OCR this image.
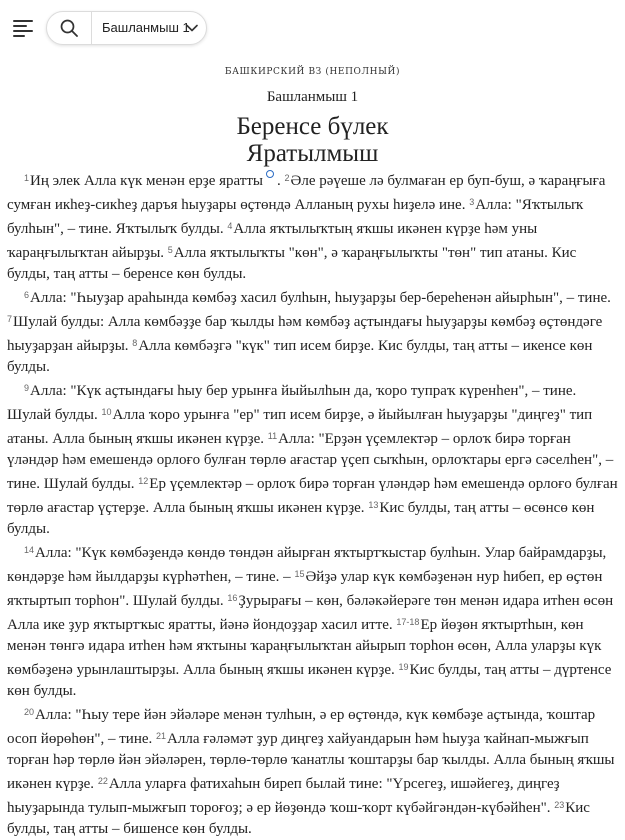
Башланмыш 1
БАШКИРСКИЙ ВЗ (НЕПОЛНЫЙ)
Башланмыш 1
Беренсе бүлек
Яратылмыш

$^1$Иң элек Алла күк менән ерҙе яратты . $^2$Әле рәүеше лә булмаған ер буп-буш, ә ҡараңғыға сумған икһеҙ-сикһеҙ даръя һыуҙары өҫтөндә Алланың рухы һиҙелә ине. $^3$Алла: "Яҡтылыҡ булһын", – тине. Яҡтылыҡ булды. $^4$Алла яҡтылыҡтың яҡшы икәнен күрҙе һәм уны ҡараңғылыҡтан айырҙы. $^5$Алла яҡтылыҡты "көн", ә ҡараңғылыҡты "төн" тип атаны. Кис булды, таң атты – беренсе көн булды.

$^6$Алла: "Һыуҙар араһында көмбәҙ хасил булһын, һыуҙарҙы бер-береһенән айырһын", – тине. $^7$Шулай булды: Алла көмбәҙҙе бар ҡылды һәм көмбәҙ аҫтындағы һыуҙарҙы көмбәҙ өҫтөндәге һыуҙарҙан айырҙы. $^8$Алла көмбәҙгә "күк" тип исем бирҙе. Кис булды, таң атты – икенсе көн булды.

$^9$Алла: "Күк аҫтындағы һыу бер урынға йыйылһын да, ҡоро тупраҡ күренһен", – тине. Шулай булды. $^{10}$Алла ҡоро урынға "ер" тип исем бирҙе, ә йыйылған һыуҙарҙы "диңгеҙ" тип атаны. Алла бының яҡшы икәнен күрҙе. $^{11}$Алла: "Ерҙән үҫемлектәр – орлоҡ бирә торған үләндәр һәм емешендә орлоғо булған төрлө ағастар үҫеп сыҡһын, орлоҡтары ергә сәселһен", – тине. Шулай булды. $^{12}$Ер үҫемлектәр – орлоҡ бирә торған үләндәр һәм емешендә орлоғо булған төрлө ағастар үҫтерҙе. Алла бының яҡшы икәнен күрҙе. $^{13}$Кис булды, таң атты – өсөнсө көн булды.

$^{14}$Алла: "Күк көмбәҙендә көндө төндән айырған яҡтыртҡыстар булһын. Улар байрамдарҙы, көндәрҙе һәм йылдарҙы күрһәтһен, – тине. – $^{15}$Әйҙә улар күк көмбәҙенән нур һибеп, ер өҫтөн яҡтыртып торһон". Шулай булды. $^{16}$Ҙурырағы – көн, бәләкәйерәге төн менән идара итһен өсөн Алла ике ҙур яҡтыртҡыс яратты, йәнә йондоҙҙар хасил итте. $^{17-18}$Ер йөҙөн яҡтыртһын, көн менән төнгә идара итһен һәм яҡтыны ҡараңғылыҡтан айырып торһон өсөн, Алла уларҙы күк көмбәҙенә урынлаштырҙы. Алла бының яҡшы икәнен күрҙе. $^{19}$Кис булды, таң атты – дүртенсе көн булды.

$^{20}$Алла: "Һыу тере йән эйәләре менән тулһын, ә ер өҫтөндә, күк көмбәҙе аҫтында, ҡоштар осоп йөрөһөн", – тине. $^{21}$Алла ғәләмәт ҙур диңгеҙ хайуандарын һәм һыуҙа ҡайнап-мыжғып торған һәр төрлө йән эйәләрен, төрлө-төрлө ҡанатлы ҡоштарҙы бар ҡылды. Алла бының яҡшы икәнен күрҙе. $^{22}$Алла уларға фатихаһын биреп былай тине: "Үрсегеҙ, ишәйегеҙ, диңгеҙ һыуҙарында тулып-мыжғып тороғоҙ; ә ер йөҙөндә ҡош-ҡорт күбәйгәндән-күбәйһен". $^{23}$Кис булды, таң атты – бишенсе көн булды.
